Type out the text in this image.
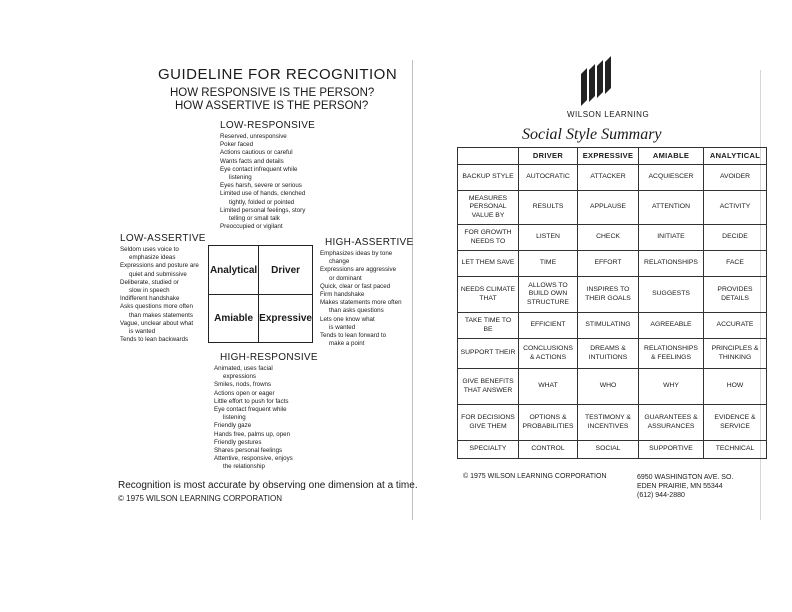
GUIDELINE FOR RECOGNITION
HOW RESPONSIVE IS THE PERSON?
HOW ASSERTIVE IS THE PERSON?
LOW-RESPONSIVE
Reserved, unresponsive
Poker faced
Actions cautious or careful
Wants facts and details
Eye contact infrequent while
listening
Eyes harsh, severe or serious
Limited use of hands, clenched
tightly, folded or pointed
Limited personal feelings, story
telling or small talk
Preoccupied or vigilant
LOW-ASSERTIVE
Seldom uses voice to
emphasize ideas
Expressions and posture are
quiet and submissive
Deliberate, studied or
slow in speech
Indifferent handshake
Asks questions more often
than makes statements
Vague, unclear about what
is wanted
Tends to lean backwards
HIGH-ASSERTIVE
Emphasizes ideas by tone
change
Expressions are aggressive
or dominant
Quick, clear or fast paced
Firm handshake
Makes statements more often
than asks questions
Lets one know what
is wanted
Tends to lean forward to
make a point
Analytical	Driver
Amiable Expressive
HIGH-RESPONSIVE
Animated, uses facial
expressions
Smiles, nods, frowns
Actions open or eager
Little effort to push for facts
Eye contact frequent while
listening
Friendly gaze
Hands free, palms up, open
Friendly gestures
Shares personal feelings
Attentive, responsive, enjoys
the relationship
Recognition is most accurate by observing one dimension at a time.
© 1975 WILSON LEARNING CORPORATION
WILSON LEARNING
Social Style Summary
	DRIVER	EXPRESSIVE	AMIABLE	ANALYTICAL
BACKUP STYLE	AUTOCRATIC	ATTACKER	ACQUIESCER	AVOIDER
MEASURES PERSONAL VALUE BY	RESULTS	APPLAUSE	ATTENTION	ACTIVITY
FOR GROWTH NEEDS TO	LISTEN	CHECK	INITIATE	DECIDE
LET THEM SAVE	TIME	EFFORT	RELATIONSHIPS	FACE
NEEDS CLIMATE THAT	ALLOWS TO BUILD OWN STRUCTURE	INSPIRES TO THEIR GOALS	SUGGESTS	PROVIDES DETAILS
TAKE TIME TO BE	EFFICIENT	STIMULATING	AGREEABLE	ACCURATE
SUPPORT THEIR	CONCLUSIONS & ACTIONS	DREAMS & INTUITIONS	RELATIONSHIPS & FEELINGS	PRINCIPLES & THINKING
GIVE BENEFITS THAT ANSWER	WHAT	WHO	WHY	HOW
FOR DECISIONS GIVE THEM	OPTIONS & PROBABILITIES	TESTIMONY & INCENTIVES	GUARANTEES & ASSURANCES	EVIDENCE & SERVICE
SPECIALTY	CONTROL	SOCIAL	SUPPORTIVE	TECHNICAL
© 1975 WILSON LEARNING CORPORATION	6950 WASHINGTON AVE. SO.
EDEN PRAIRIE, MN 55344
(612) 944-2880
